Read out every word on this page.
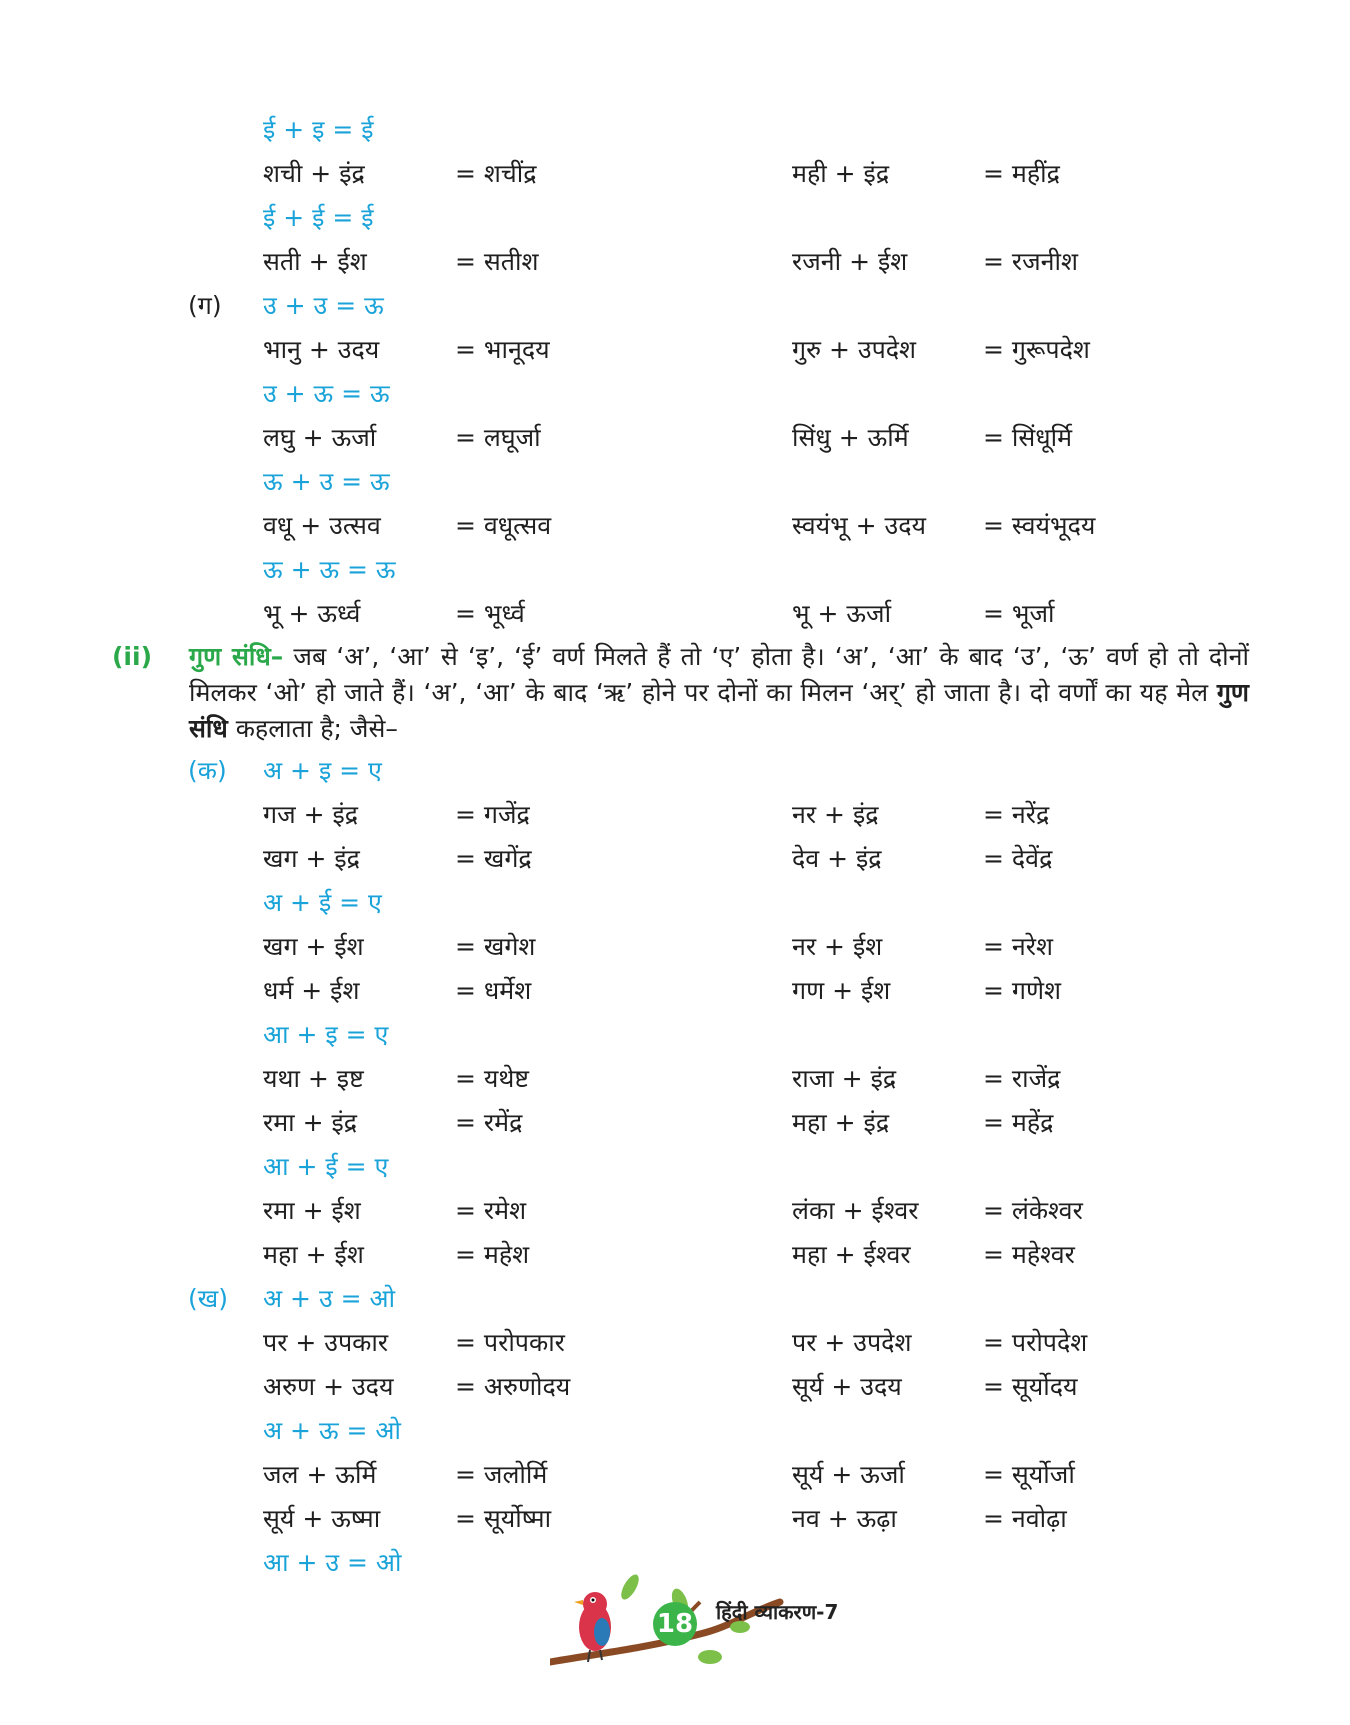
ई + इ = ई
शची + इंद्र	= शचींद्र	मही + इंद्र	= महींद्र
ई + ई = ई
सती + ईश	= सतीश	रजनी + ईश	= रजनीश
(ग) उ + उ = ऊ
भानु + उदय	= भानूदय	गुरु + उपदेश	= गुरूपदेश
उ + ऊ = ऊ
लघु + ऊर्जा	= लघूर्जा	सिंधु + ऊर्मि	= सिंधूर्मि
ऊ + उ = ऊ
वधू + उत्सव	= वधूत्सव	स्वयंभू + उदय = स्वयंभूदय
ऊ + ऊ = ऊ
भू + ऊर्ध्व	= भूर्ध्व	भू + ऊर्जा	= भूर्जा
(ii) गुण संधि– जब ‘अ’, ‘आ’ से ‘इ’, ‘ई’ वर्ण मिलते हैं तो ‘ए’ होता है। ‘अ’, ‘आ’ के बाद ‘उ’, ‘ऊ’ वर्ण हो तो दोनों मिलकर ‘ओ’ हो जाते हैं। ‘अ’, ‘आ’ के बाद ‘ऋ’ होने पर दोनों का मिलन ‘अर्’ हो जाता है। दो वर्णों का यह मेल गुण संधि कहलाता है; जैसे–
(क) अ + इ = ए
गज + इंद्र	= गजेंद्र	नर + इंद्र	= नरेंद्र
खग + इंद्र	= खगेंद्र	देव + इंद्र	= देवेंद्र
अ + ई = ए
खग + ईश	= खगेश	नर + ईश	= नरेश
धर्म + ईश	= धर्मेश	गण + ईश	= गणेश
आ + इ = ए
यथा + इष्ट	= यथेष्ट	राजा + इंद्र	= राजेंद्र
रमा + इंद्र	= रमेंद्र	महा + इंद्र	= महेंद्र
आ + ई = ए
रमा + ईश	= रमेश	लंका + ईश्वर	= लंकेश्वर
महा + ईश	= महेश	महा + ईश्वर	= महेश्वर
(ख) अ + उ = ओ
पर + उपकार	= परोपकार	पर + उपदेश	= परोपदेश
अरुण + उदय = अरुणोदय	सूर्य + उदय	= सूर्योदय
अ + ऊ = ओ
जल + ऊर्मि	= जलोर्मि	सूर्य + ऊर्जा	= सूर्योर्जा
सूर्य + ऊष्मा	= सूर्योष्मा	नव + ऊढ़ा	= नवोढ़ा
आ + उ = ओ
18 हिंदी व्याकरण-7
